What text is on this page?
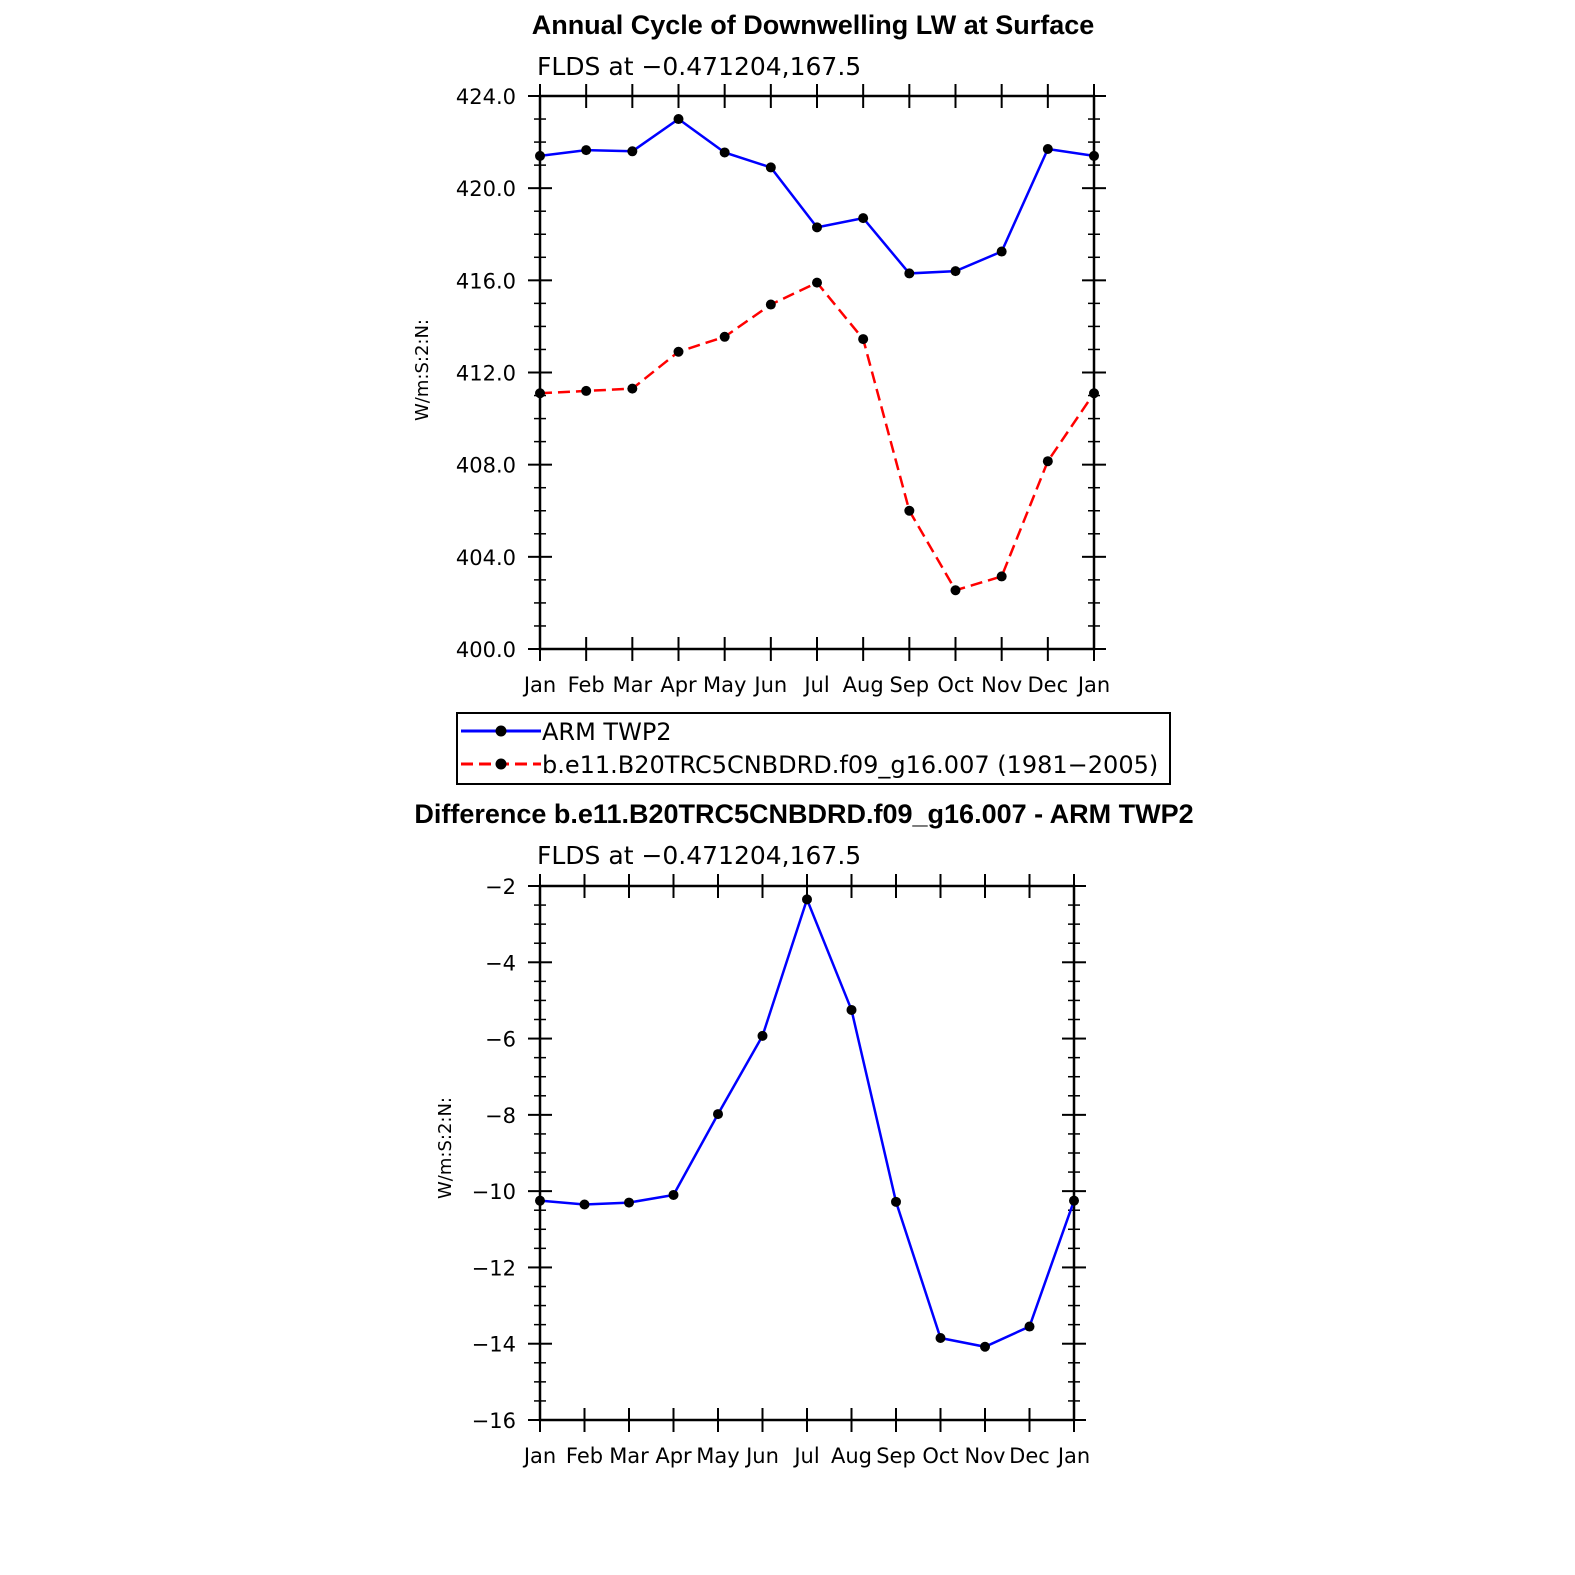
Annual Cycle of Downwelling LW at Surface
FLDS at −0.471204,167.5
W/m:S:2:N:
Jan Feb Mar Apr May Jun Jul Aug Sep Oct Nov Dec Jan
400.0
404.0
408.0
412.0
416.0
420.0
424.0
ARM TWP2
b.e11.B20TRC5CNBDRD.f09_g16.007 (1981−2005)
Difference b.e11.B20TRC5CNBDRD.f09_g16.007 - ARM TWP2
FLDS at −0.471204,167.5
W/m:S:2:N:
Jan Feb Mar Apr May Jun Jul Aug Sep Oct Nov Dec Jan
−16
−14
−12
−10
−8
−6
−4
−2
